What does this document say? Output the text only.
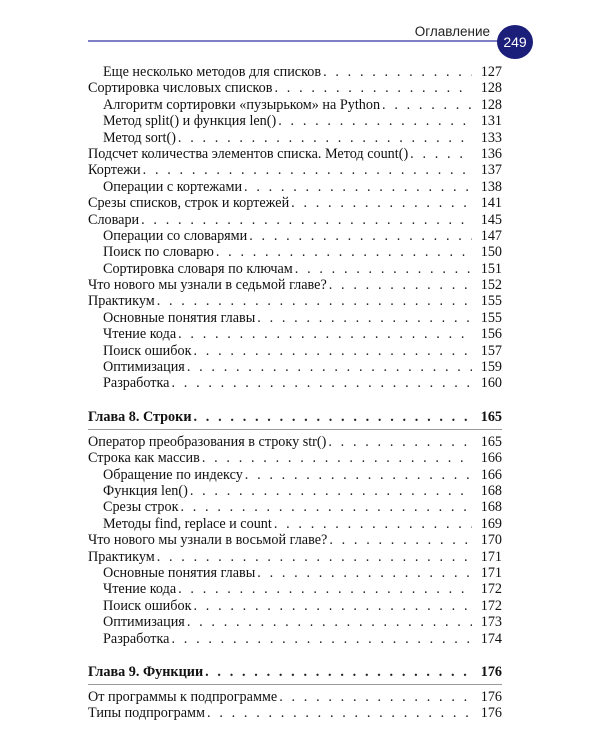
Оглавление
249
Еще несколько методов для списков . . .	127
Сортировка числовых списков . . .	128
Алгоритм сортировки «пузырьком» на Python . . .	128
Метод split() и функция len() . . .	131
Метод sort() . . .	133
Подсчет количества элементов списка. Метод count() . . .	136
Кортежи . . .	137
Операции с кортежами . . .	138
Срезы списков, строк и кортежей . . .	141
Словари . . .	145
Операции со словарями . . .	147
Поиск по словарю . . .	150
Сортировка словаря по ключам . . .	151
Что нового мы узнали в седьмой главе? . . .	152
Практикум . . .	155
Основные понятия главы . . .	155
Чтение кода . . .	156
Поиск ошибок . . .	157
Оптимизация . . .	159
Разработка . . .	160
Глава 8. Строки . . .	165
Оператор преобразования в строку str() . . .	165
Строка как массив . . .	166
Обращение по индексу . . .	166
Функция len() . . .	168
Срезы строк . . .	168
Методы find, replace и count . . .	169
Что нового мы узнали в восьмой главе? . . .	170
Практикум . . .	171
Основные понятия главы . . .	171
Чтение кода . . .	172
Поиск ошибок . . .	172
Оптимизация . . .	173
Разработка . . .	174
Глава 9. Функции . . .	176
От программы к подпрограмме . . .	176
Типы подпрограмм . . .	176
